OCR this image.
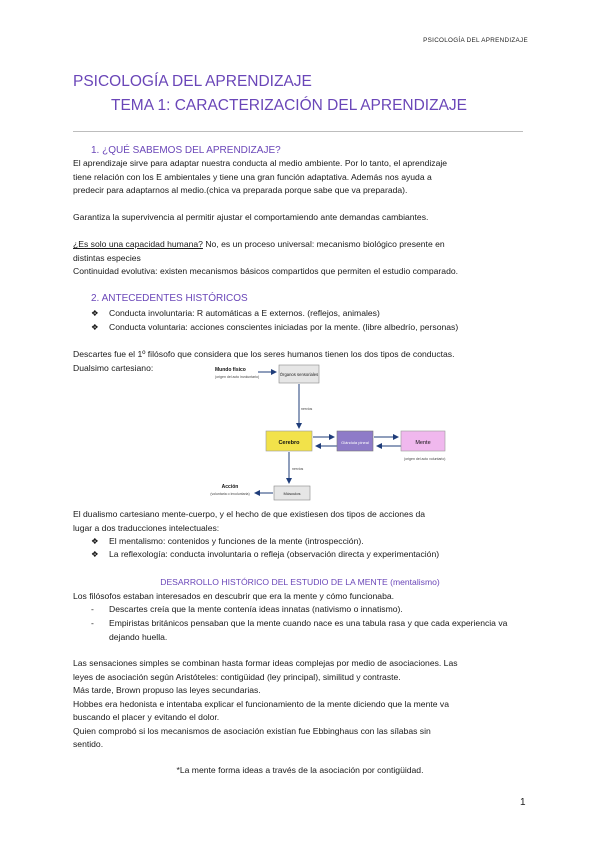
PSICOLOGÍA DEL APRENDIZAJE
PSICOLOGÍA DEL APRENDIZAJE
TEMA 1: CARACTERIZACIÓN DEL APRENDIZAJE
1. ¿QUÉ SABEMOS DEL APRENDIZAJE?
El aprendizaje sirve para adaptar nuestra conducta al medio ambiente. Por lo tanto, el aprendizaje
tiene relación con los E ambientales y tiene una gran función adaptativa. Además nos ayuda a
predecir para adaptarnos al medio.(chica va preparada porque sabe que va preparada).
Garantiza la supervivencia al permitir ajustar el comportamiendo ante demandas cambiantes.
¿Es solo una capacidad humana? No, es un proceso universal: mecanismo biológico presente en
distintas especies
Continuidad evolutiva: existen mecanismos básicos compartidos que permiten el estudio comparado.
2. ANTECEDENTES HISTÓRICOS
❖ Conducta involuntaria: R automáticas a E externos. (reflejos, animales)
❖ Conducta voluntaria: acciones conscientes iniciadas por la mente. (libre albedrío, personas)
Descartes fue el 1º filósofo que considera que los seres humanos tienen los dos tipos de conductas.
Dualsimo cartesiano:	Mundo físico
(origen del acto involuntario)	Órganos sensoriales
nervios
Cerebro	Glándula pineal	Mente
(origen del acto voluntario)
nervios
Músculos
Acción
(voluntaria o involuntaria)
El dualismo cartesiano mente-cuerpo, y el hecho de que existiesen dos tipos de acciones da
lugar a dos traducciones intelectuales:
❖ El mentalismo: contenidos y funciones de la mente (introspección).
❖ La reflexología: conducta involuntaria o refleja (observación directa y experimentación)
DESARROLLO HISTÓRICO DEL ESTUDIO DE LA MENTE (mentalismo)
Los filósofos estaban interesados en descubrir que era la mente y cómo funcionaba.
- Descartes creía que la mente contenía ideas innatas (nativismo o innatismo).
- Empiristas británicos pensaban que la mente cuando nace es una tabula rasa y que cada experiencia va dejando huella.
Las sensaciones simples se combinan hasta formar ideas complejas por medio de asociaciones. Las
leyes de asociación según Aristóteles: contigüidad (ley principal), similitud y contraste.
Más tarde, Brown propuso las leyes secundarias.
Hobbes era hedonista e intentaba explicar el funcionamiento de la mente diciendo que la mente va
buscando el placer y evitando el dolor.
Quien comprobó si los mecanismos de asociación existían fue Ebbinghaus con las sílabas sin
sentido.
*La mente forma ideas a través de la asociación por contigüidad.
1
